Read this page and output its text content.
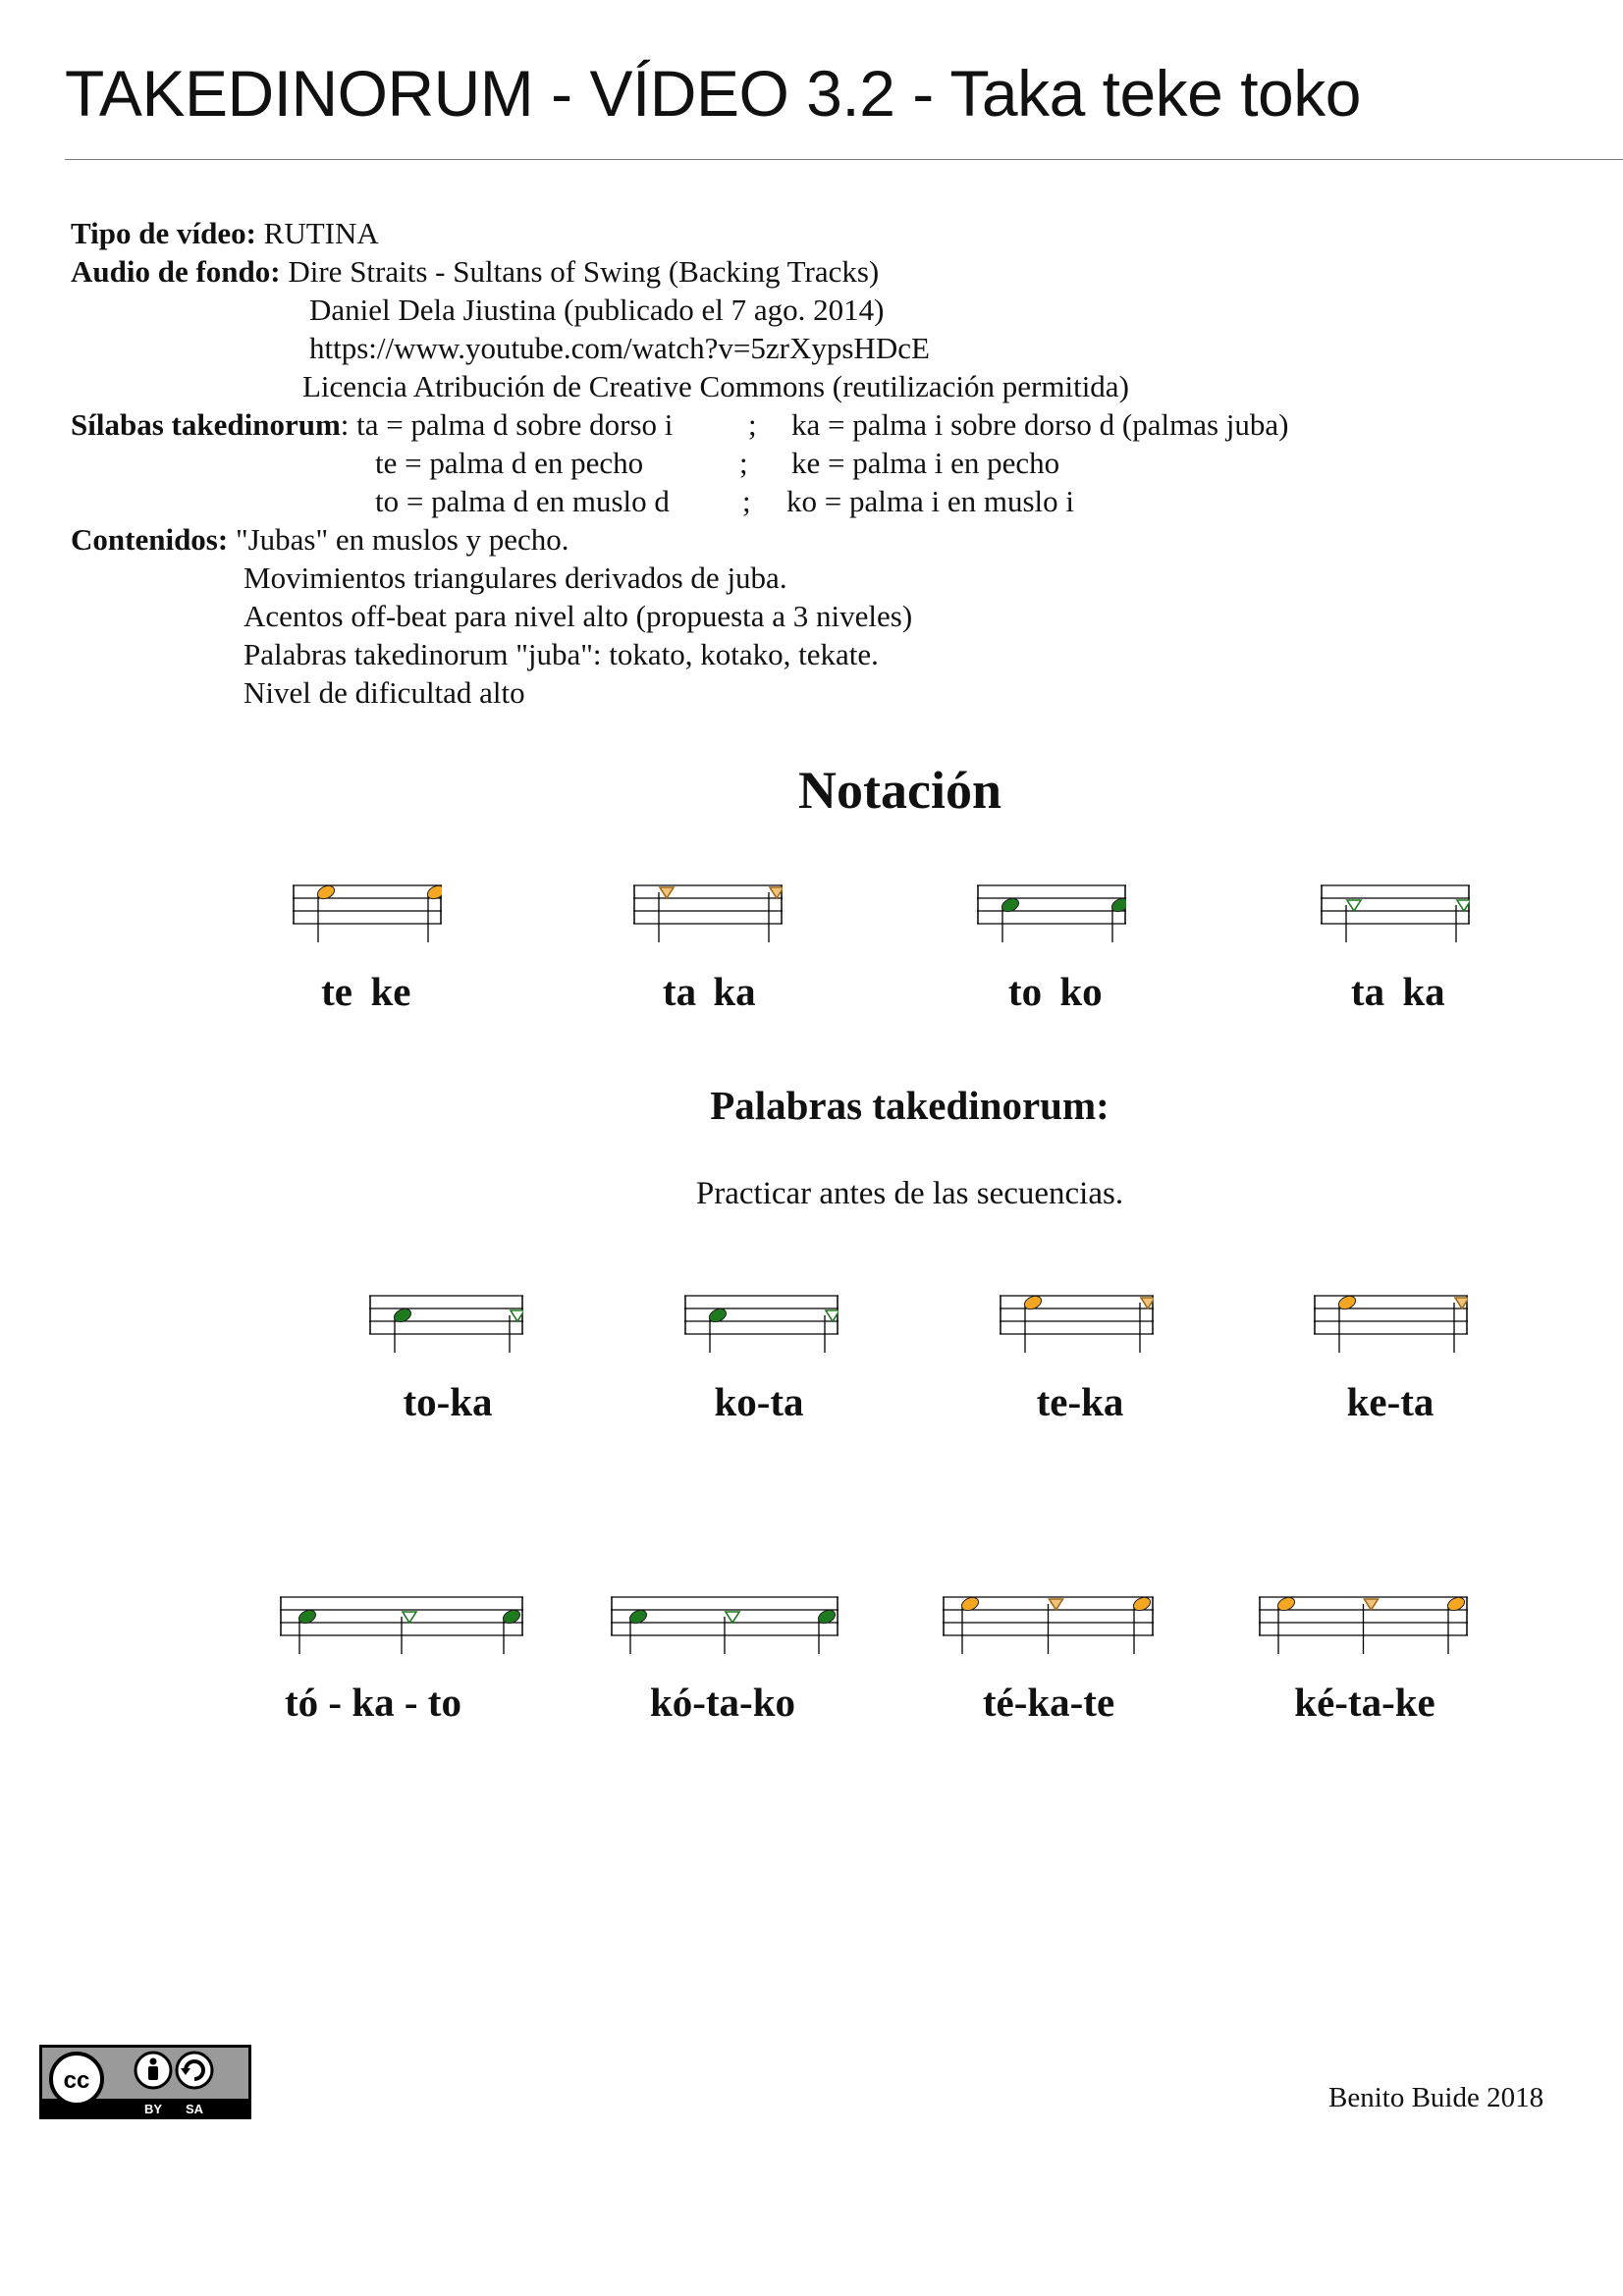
TAKEDINORUM - VÍDEO 3.2 - Taka teke toko
Tipo de vídeo: RUTINA
Audio de fondo: Dire Straits - Sultans of Swing (Backing Tracks)
Daniel Dela Jiustina (publicado el 7 ago. 2014)
https://www.youtube.com/watch?v=5zrXypsHDcE
Licencia Atribución de Creative Commons (reutilización permitida)
Sílabas takedinorum: ta = palma d sobre dorso i ; ka = palma i sobre dorso d (palmas juba)
te = palma d en pecho	; ke = palma i en pecho
to = palma d en muslo d ; ko = palma i en muslo i
Contenidos: "Jubas" en muslos y pecho.
Movimientos triangulares derivados de juba.
Acentos off-beat para nivel alto (propuesta a 3 niveles)
Palabras takedinorum "juba": tokato, kotako, tekate.
Nivel de dificultad alto
Notación
te ke	ta ka	to ko	ta ka
Palabras takedinorum:
Practicar antes de las secuencias.
to-ka	ko-ta	te-ka	ke-ta
tó - ka - to	kó-ta-ko	té-ka-te	ké-ta-ke
cc
BY SA	Benito Buide 2018
